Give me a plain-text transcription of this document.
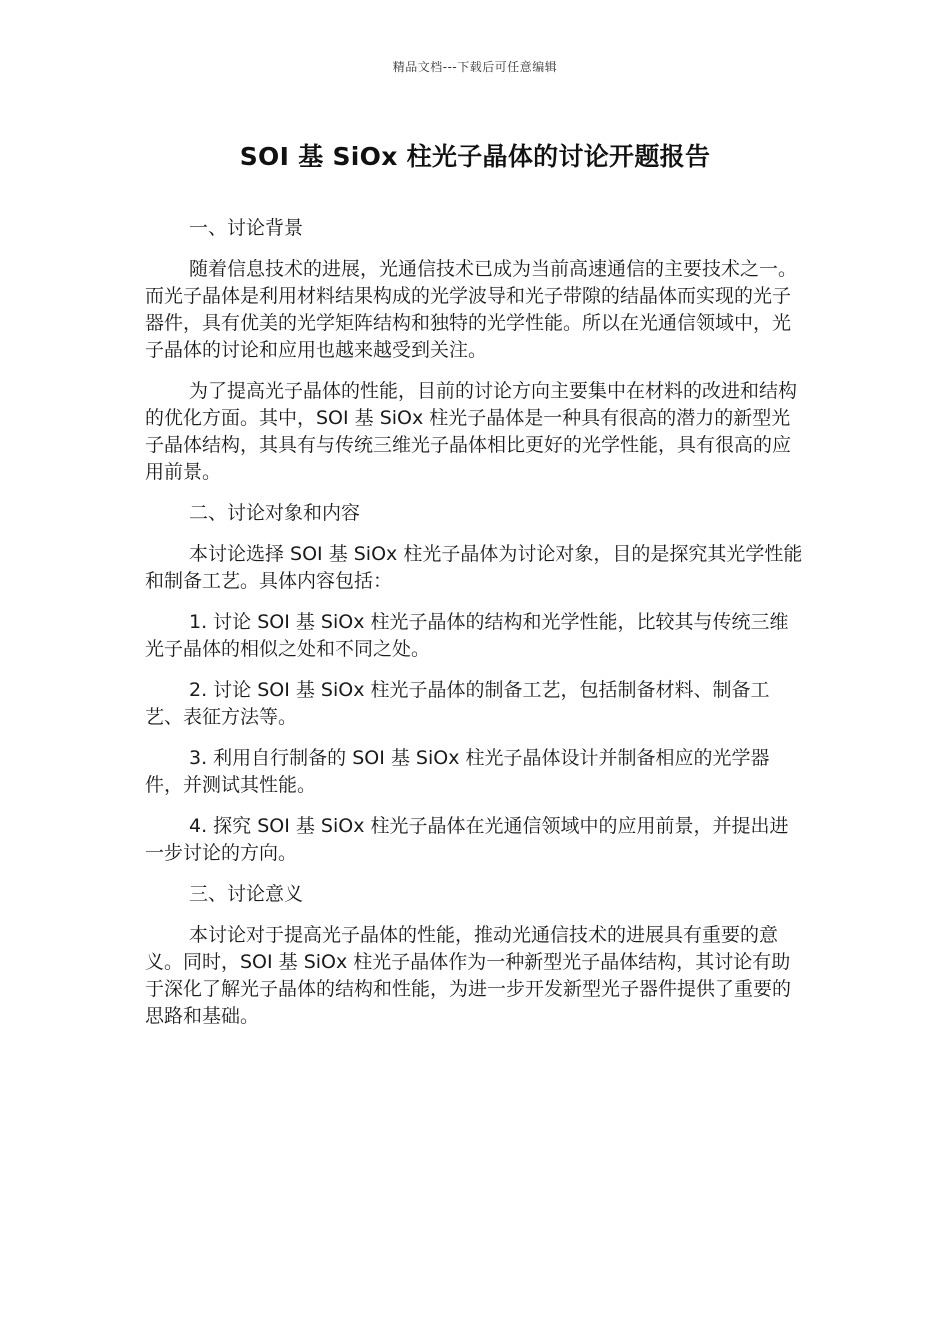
精品文档---下载后可任意编辑
SOI 基 SiOx 柱光子晶体的讨论开题报告

一、讨论背景

随着信息技术的进展，光通信技术已成为当前高速通信的主要技术之一。而光子晶体是利用材料结果构成的光学波导和光子带隙的结晶体而实现的光子器件，具有优美的光学矩阵结构和独特的光学性能。所以在光通信领域中，光子晶体的讨论和应用也越来越受到关注。

为了提高光子晶体的性能，目前的讨论方向主要集中在材料的改进和结构的优化方面。其中，SOI 基 SiOx 柱光子晶体是一种具有很高的潜力的新型光子晶体结构，其具有与传统三维光子晶体相比更好的光学性能，具有很高的应用前景。

二、讨论对象和内容

本讨论选择 SOI 基 SiOx 柱光子晶体为讨论对象，目的是探究其光学性能和制备工艺。具体内容包括：

1. 讨论 SOI 基 SiOx 柱光子晶体的结构和光学性能，比较其与传统三维光子晶体的相似之处和不同之处。

2. 讨论 SOI 基 SiOx 柱光子晶体的制备工艺，包括制备材料、制备工艺、表征方法等。

3. 利用自行制备的 SOI 基 SiOx 柱光子晶体设计并制备相应的光学器件，并测试其性能。

4. 探究 SOI 基 SiOx 柱光子晶体在光通信领域中的应用前景，并提出进一步讨论的方向。

三、讨论意义

本讨论对于提高光子晶体的性能，推动光通信技术的进展具有重要的意义。同时，SOI 基 SiOx 柱光子晶体作为一种新型光子晶体结构，其讨论有助于深化了解光子晶体的结构和性能，为进一步开发新型光子器件提供了重要的思路和基础。
